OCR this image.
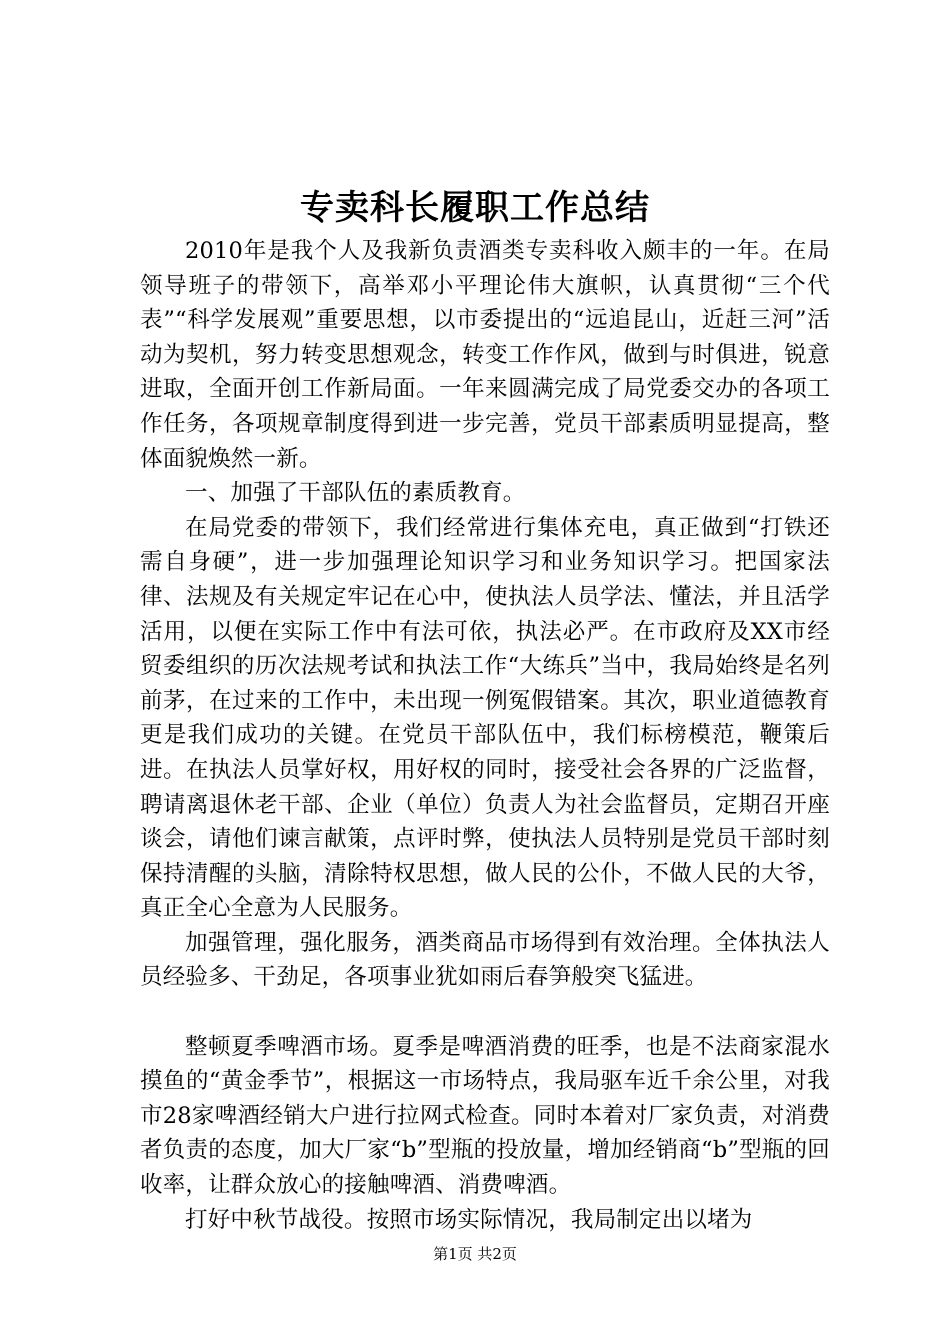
专卖科长履职工作总结

2010年是我个人及我新负责酒类专卖科收入颇丰的一年。在局领导班子的带领下，高举邓小平理论伟大旗帜，认真贯彻“三个代表”“科学发展观”重要思想，以市委提出的“远追昆山，近赶三河”活动为契机，努力转变思想观念，转变工作作风，做到与时俱进，锐意进取，全面开创工作新局面。一年来圆满完成了局党委交办的各项工作任务，各项规章制度得到进一步完善，党员干部素质明显提高，整体面貌焕然一新。

一、加强了干部队伍的素质教育。

在局党委的带领下，我们经常进行集体充电，真正做到“打铁还需自身硬”，进一步加强理论知识学习和业务知识学习。把国家法律、法规及有关规定牢记在心中，使执法人员学法、懂法，并且活学活用，以便在实际工作中有法可依，执法必严。在市政府及XX市经贸委组织的历次法规考试和执法工作“大练兵”当中，我局始终是名列前茅，在过来的工作中，未出现一例冤假错案。其次，职业道德教育更是我们成功的关键。在党员干部队伍中，我们标榜模范，鞭策后进。在执法人员掌好权，用好权的同时，接受社会各界的广泛监督，聘请离退休老干部、企业（单位）负责人为社会监督员，定期召开座谈会，请他们谏言献策，点评时弊，使执法人员特别是党员干部时刻保持清醒的头脑，清除特权思想，做人民的公仆，不做人民的大爷，真正全心全意为人民服务。

加强管理，强化服务，酒类商品市场得到有效治理。全体执法人员经验多、干劲足，各项事业犹如雨后春笋般突飞猛进。

整顿夏季啤酒市场。夏季是啤酒消费的旺季，也是不法商家混水摸鱼的“黄金季节”，根据这一市场特点，我局驱车近千余公里，对我市28家啤酒经销大户进行拉网式检查。同时本着对厂家负责，对消费者负责的态度，加大厂家“b”型瓶的投放量，增加经销商“b”型瓶的回收率，让群众放心的接触啤酒、消费啤酒。

打好中秋节战役。按照市场实际情况，我局制定出以堵为

第1页 共2页
